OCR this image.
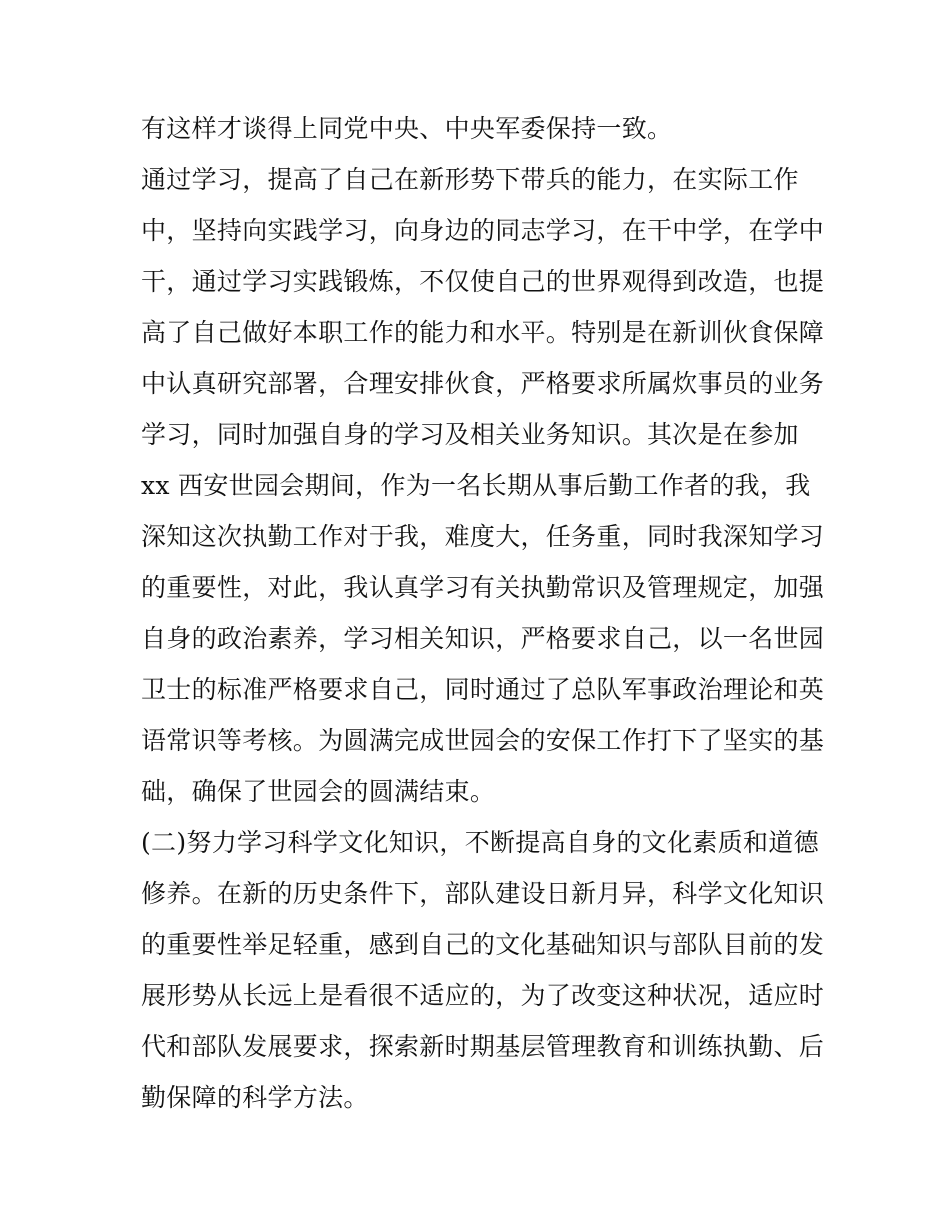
有这样才谈得上同党中央、中央军委保持一致。
通过学习，提高了自己在新形势下带兵的能力，在实际工作
中，坚持向实践学习，向身边的同志学习，在干中学，在学中
干，通过学习实践锻炼，不仅使自己的世界观得到改造，也提
高了自己做好本职工作的能力和水平。特别是在新训伙食保障
中认真研究部署，合理安排伙食，严格要求所属炊事员的业务
学习，同时加强自身的学习及相关业务知识。其次是在参加
xx 西安世园会期间，作为一名长期从事后勤工作者的我，我
深知这次执勤工作对于我，难度大，任务重，同时我深知学习
的重要性，对此，我认真学习有关执勤常识及管理规定，加强
自身的政治素养，学习相关知识，严格要求自己，以一名世园
卫士的标准严格要求自己，同时通过了总队军事政治理论和英
语常识等考核。为圆满完成世园会的安保工作打下了坚实的基
础，确保了世园会的圆满结束。
(二)努力学习科学文化知识，不断提高自身的文化素质和道德
修养。在新的历史条件下，部队建设日新月异，科学文化知识
的重要性举足轻重，感到自己的文化基础知识与部队目前的发
展形势从长远上是看很不适应的，为了改变这种状况，适应时
代和部队发展要求，探索新时期基层管理教育和训练执勤、后
勤保障的科学方法。
